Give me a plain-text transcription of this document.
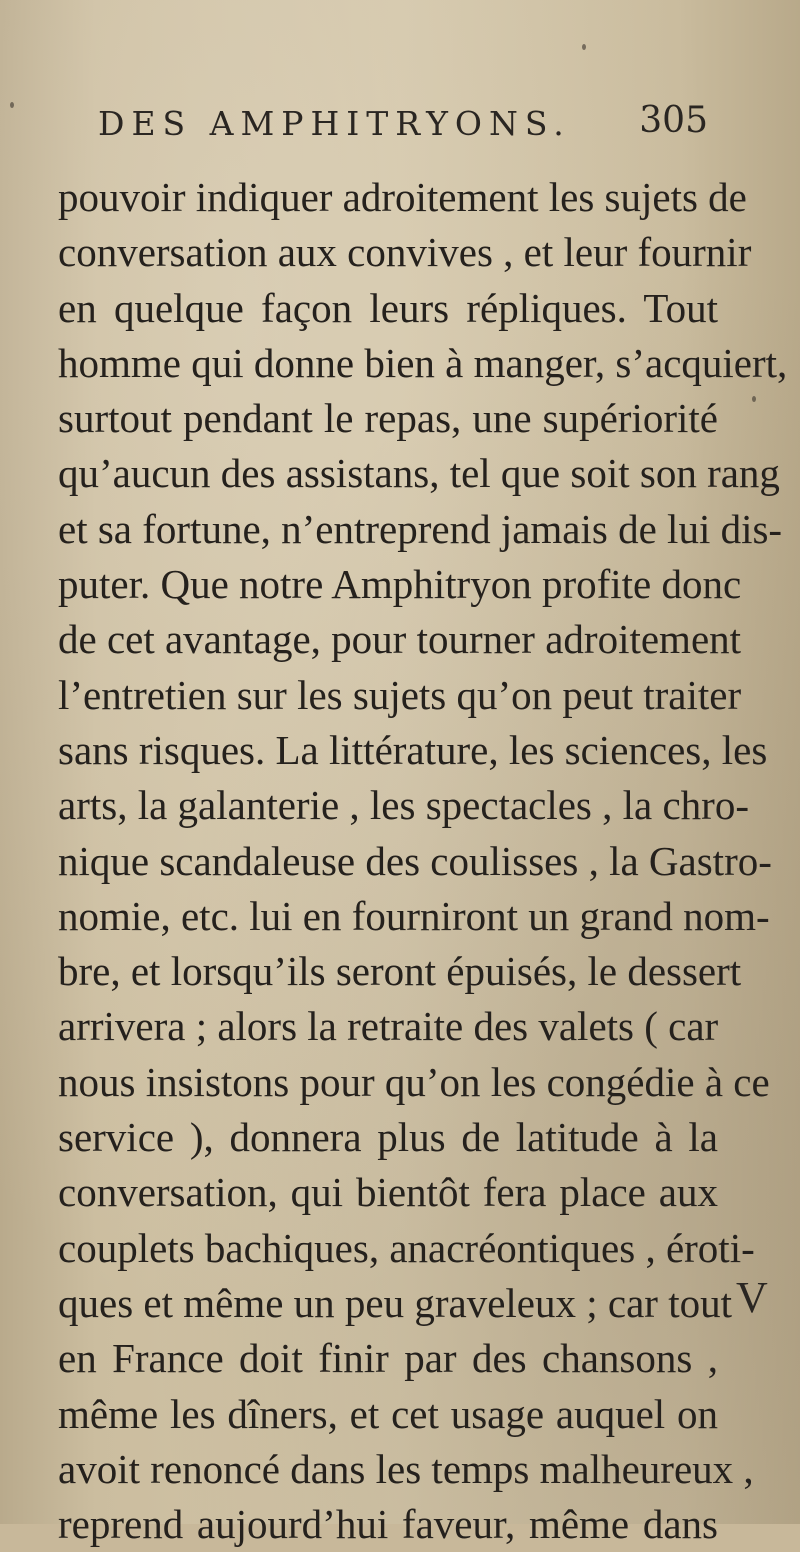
DES AMPHITRYONS. 305
pouvoir indiquer adroitement les sujets de
conversation aux convives , et leur fournir
en quelque façon leurs répliques. Tout
homme qui donne bien à manger, s’acquiert,
surtout pendant le repas, une supériorité
qu’aucun des assistans, tel que soit son rang
et sa fortune, n’entreprend jamais de lui dis-
puter. Que notre Amphitryon profite donc
de cet avantage, pour tourner adroitement
l’entretien sur les sujets qu’on peut traiter
sans risques. La littérature, les sciences, les
arts, la galanterie , les spectacles , la chro-
nique scandaleuse des coulisses , la Gastro-
nomie, etc. lui en fourniront un grand nom-
bre, et lorsqu’ils seront épuisés, le dessert
arrivera ; alors la retraite des valets ( car
nous insistons pour qu’on les congédie à ce
service ), donnera plus de latitude à la
conversation, qui bientôt fera place aux
couplets bachiques, anacréontiques , éroti-
ques et même un peu graveleux ; car tout
en France doit finir par des chansons ,
même les dîners, et cet usage auquel on
avoit renoncé dans les temps malheureux ,
reprend aujourd’hui faveur, même dans
V
